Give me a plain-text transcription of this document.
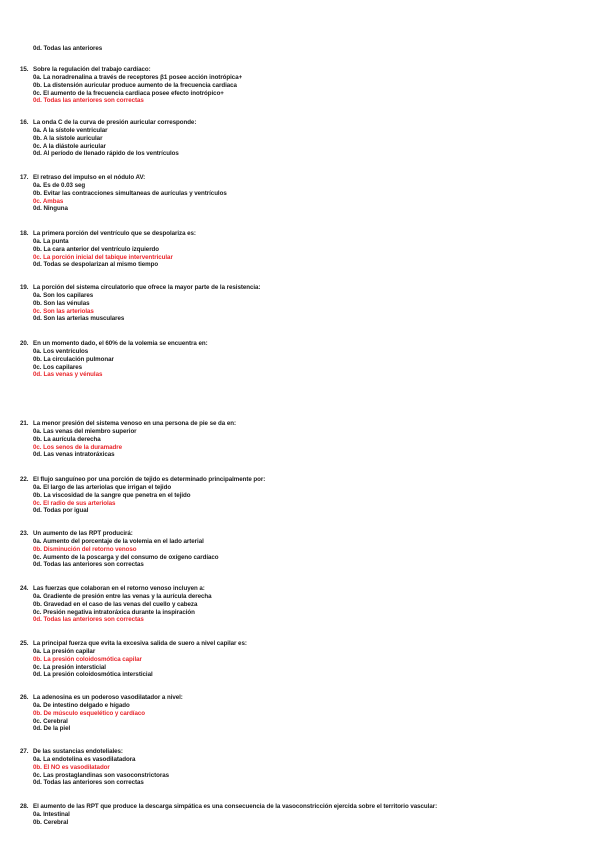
0d. Todas las anteriores
15. Sobre la regulación del trabajo cardíaco:
0a. La noradrenalina a través de receptores β1 posee acción inotrópica+
0b. La distensión auricular produce aumento de la frecuencia cardiaca
0c. El aumento de la frecuencia cardiaca posee efecto inotrópico+
0d. Todas las anteriores son correctas
16. La onda C de la curva de presión auricular corresponde:
0a. A la sístole ventricular
0b. A la sístole auricular
0c. A la diástole auricular
0d. Al período de llenado rápido de los ventrículos
17. El retraso del impulso en el nódulo AV:
0a. Es de 0.03 seg
0b. Evitar las contracciones simultaneas de aurículas y ventrículos
0c. Ambas
0d. Ninguna
18. La primera porción del ventrículo que se despolariza es:
0a. La punta
0b. La cara anterior del ventrículo izquierdo
0c. La porción inicial del tabique interventricular
0d. Todas se despolarizan al mismo tiempo
19. La porción del sistema circulatorio que ofrece la mayor parte de la resistencia:
0a. Son los capilares
0b. Son las vénulas
0c. Son las arteriolas
0d. Son las arterias musculares
20. En un momento dado, el 60% de la volemia se encuentra en:
0a. Los ventrículos
0b. La circulación pulmonar
0c. Los capilares
0d. Las venas y vénulas
21. La menor presión del sistema venoso en una persona de pie se da en:
0a. Las venas del miembro superior
0b. La aurícula derecha
0c. Los senos de la duramadre
0d. Las venas intratoráxicas
22. El flujo sanguíneo por una porción de tejido es determinado principalmente por:
0a. El largo de las arteriolas que irrigan el tejido
0b. La viscosidad de la sangre que penetra en el tejido
0c. El radio de sus arteriolas
0d. Todas por igual
23. Un aumento de las RPT producirá:
0a. Aumento del porcentaje de la volemia en el lado arterial
0b. Disminución del retorno venoso
0c. Aumento de la poscarga y del consumo de oxígeno cardíaco
0d. Todas las anteriores son correctas
24. Las fuerzas que colaboran en el retorno venoso incluyen a:
0a. Gradiente de presión entre las venas y la aurícula derecha
0b. Gravedad en el caso de las venas del cuello y cabeza
0c. Presión negativa intratoráxica durante la inspiración
0d. Todas las anteriores son correctas
25. La principal fuerza que evita la excesiva salida de suero a nivel capilar es:
0a. La presión capilar
0b. La presión coloidosmótica capilar
0c. La presión intersticial
0d. La presión coloidosmótica intersticial
26. La adenosina es un poderoso vasodilatador a nivel:
0a. De intestino delgado e hígado
0b. De músculo esquelético y cardíaco
0c. Cerebral
0d. De la piel
27. De las sustancias endoteliales:
0a. La endotelina es vasodilatadora
0b. El NO es vasodilatador
0c. Las prostaglandinas son vasoconstrictoras
0d. Todas las anteriores son correctas
28. El aumento de las RPT que produce la descarga simpática es una consecuencia de la vasoconstricción ejercida sobre el territorio vascular:
0a. Intestinal
0b. Cerebral
